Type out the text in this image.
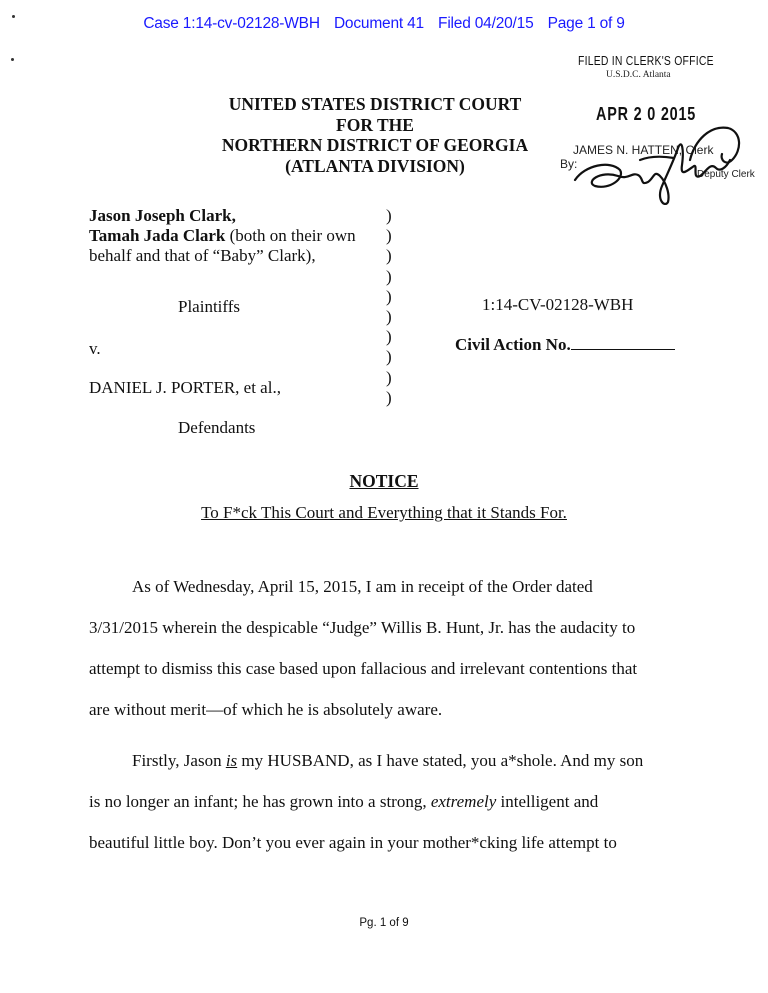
Case 1:14-cv-02128-WBH Document 41 Filed 04/20/15 Page 1 of 9
FILED IN CLERK'S OFFICE
U.S.D.C. Atlanta
APR 2 0 2015
JAMES N. HATTEN, Clerk
By:
Deputy Clerk
UNITED STATES DISTRICT COURT
FOR THE
NORTHERN DISTRICT OF GEORGIA
(ATLANTA DIVISION)
Jason Joseph Clark,
Tamah Jada Clark (both on their own
behalf and that of “Baby” Clark),
Plaintiffs
v.
DANIEL J. PORTER, et al.,
Defendants
)
)
)
)
)
)
)
)
)
)
1:14-CV-02128-WBH
Civil Action No.
NOTICE
To F*ck This Court and Everything that it Stands For.
As of Wednesday, April 15, 2015, I am in receipt of the Order dated
3/31/2015 wherein the despicable “Judge” Willis B. Hunt, Jr. has the audacity to
attempt to dismiss this case based upon fallacious and irrelevant contentions that
are without merit—of which he is absolutely aware.
Firstly, Jason is my HUSBAND, as I have stated, you a*shole. And my son
is no longer an infant; he has grown into a strong, extremely intelligent and
beautiful little boy. Don’t you ever again in your mother*cking life attempt to
Pg. 1 of 9
